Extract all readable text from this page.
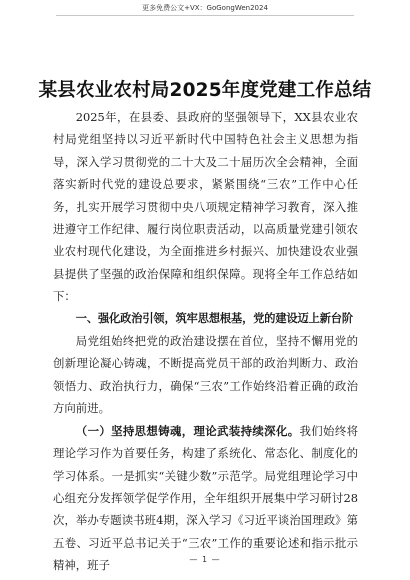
更多免费公文+VX：GoGongWen2024
某县农业农村局2025年度党建工作总结

2025年，在县委、县政府的坚强领导下，XX县农业农村局党组坚持以习近平新时代中国特色社会主义思想为指导，深入学习贯彻党的二十大及二十届历次全会精神，全面落实新时代党的建设总要求，紧紧围绕“三农”工作中心任务，扎实开展学习贯彻中央八项规定精神学习教育，深入推进遵守工作纪律、履行岗位职责活动，以高质量党建引领农业农村现代化建设，为全面推进乡村振兴、加快建设农业强县提供了坚强的政治保障和组织保障。现将全年工作总结如下：

一、强化政治引领，筑牢思想根基，党的建设迈上新台阶

局党组始终把党的政治建设摆在首位，坚持不懈用党的创新理论凝心铸魂，不断提高党员干部的政治判断力、政治领悟力、政治执行力，确保“三农”工作始终沿着正确的政治方向前进。

（一）坚持思想铸魂，理论武装持续深化。我们始终将理论学习作为首要任务，构建了系统化、常态化、制度化的学习体系。一是抓实“关键少数”示范学。局党组理论学习中心组充分发挥领学促学作用，全年组织开展集中学习研讨28次，举办专题读书班4期，深入学习《习近平谈治国理政》第五卷、习近平总书记关于“三农”工作的重要论述和指示批示精神，班子	— 1 —
